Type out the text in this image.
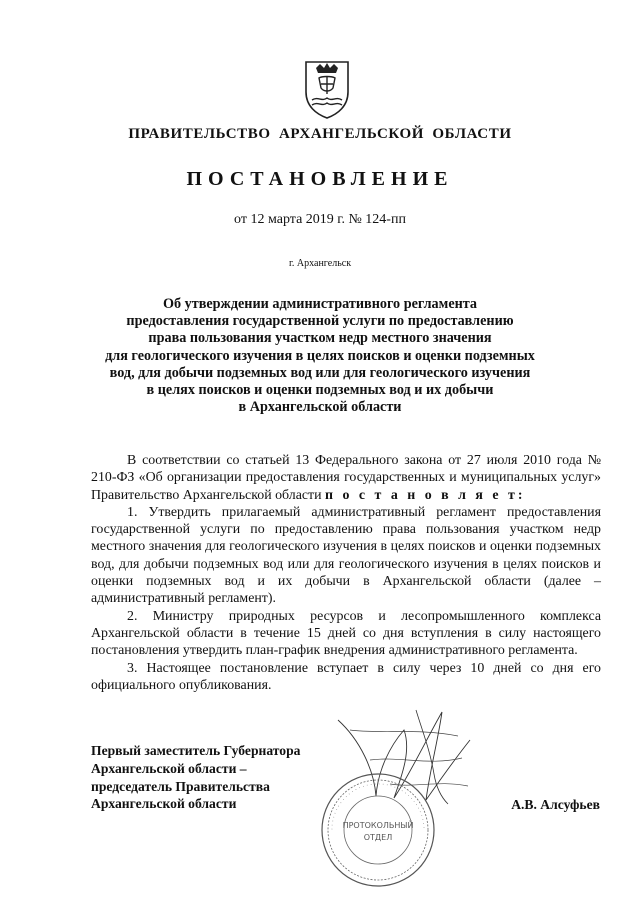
ПРАВИТЕЛЬСТВО АРХАНГЕЛЬСКОЙ ОБЛАСТИ
ПОСТАНОВЛЕНИЕ
от 12 марта 2019 г. № 124-пп
г. Архангельск
Об утверждении административного регламента
предоставления государственной услуги по предоставлению
права пользования участком недр местного значения
для геологического изучения в целях поисков и оценки подземных
вод, для добычи подземных вод или для геологического изучения
в целях поисков и оценки подземных вод и их добычи
в Архангельской области

В соответствии со статьей 13 Федерального закона от 27 июля 2010 года № 210-ФЗ «Об организации предоставления государственных и муниципальных услуг» Правительство Архангельской области п о с т а н о в л я е т:

1. Утвердить прилагаемый административный регламент предоставления государственной услуги по предоставлению права пользования участком недр местного значения для геологического изучения в целях поисков и оценки подземных вод, для добычи подземных вод или для геологического изучения в целях поисков и оценки подземных вод и их добычи в Архангельской области (далее – административный регламент).

2. Министру природных ресурсов и лесопромышленного комплекса Архангельской области в течение 15 дней со дня вступления в силу настоящего постановления утвердить план-график внедрения административного регламента.

3. Настоящее постановление вступает в силу через 10 дней со дня его официального опубликования.

Первый заместитель Губернатора
Архангельской области –
председатель Правительства
Архангельской области	А.В. Алсуфьев
· · · · · · · · · · · · · · · · · · · · · · · · · · · · · · · · · · · ·
ПРОТОКОЛЬНЫЙ
ОТДЕЛ
